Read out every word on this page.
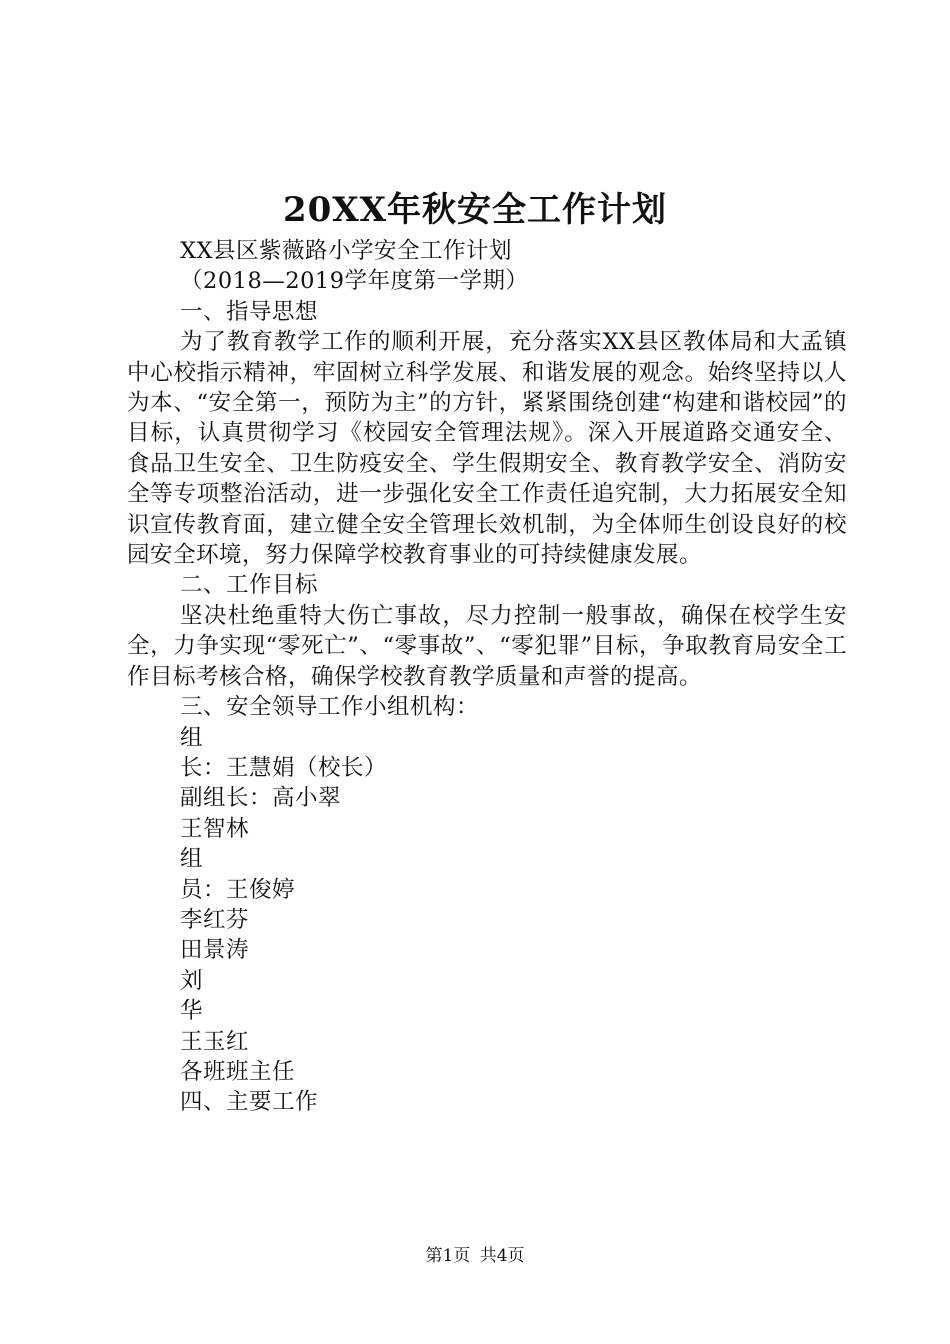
20XX年秋安全工作计划
XX县区紫薇路小学安全工作计划
（2018—2019学年度第一学期）
一、指导思想
为了教育教学工作的顺利开展，充分落实XX县区教体局和大孟镇中心校指示精神，牢固树立科学发展、和谐发展的观念。始终坚持以人为本、“安全第一，预防为主”的方针，紧紧围绕创建“构建和谐校园”的目标，认真贯彻学习《校园安全管理法规》。深入开展道路交通安全、食品卫生安全、卫生防疫安全、学生假期安全、教育教学安全、消防安全等专项整治活动，进一步强化安全工作责任追究制，大力拓展安全知识宣传教育面，建立健全安全管理长效机制，为全体师生创设良好的校园安全环境，努力保障学校教育事业的可持续健康发展。
二、工作目标
坚决杜绝重特大伤亡事故，尽力控制一般事故，确保在校学生安全，力争实现“零死亡”、“零事故”、“零犯罪”目标，争取教育局安全工作目标考核合格，确保学校教育教学质量和声誉的提高。
三、安全领导工作小组机构：
组
长：王慧娟（校长）
副组长：高小翠
王智林
组
员：王俊婷
李红芬
田景涛
刘
华
王玉红
各班班主任
四、主要工作
第1页 共4页
